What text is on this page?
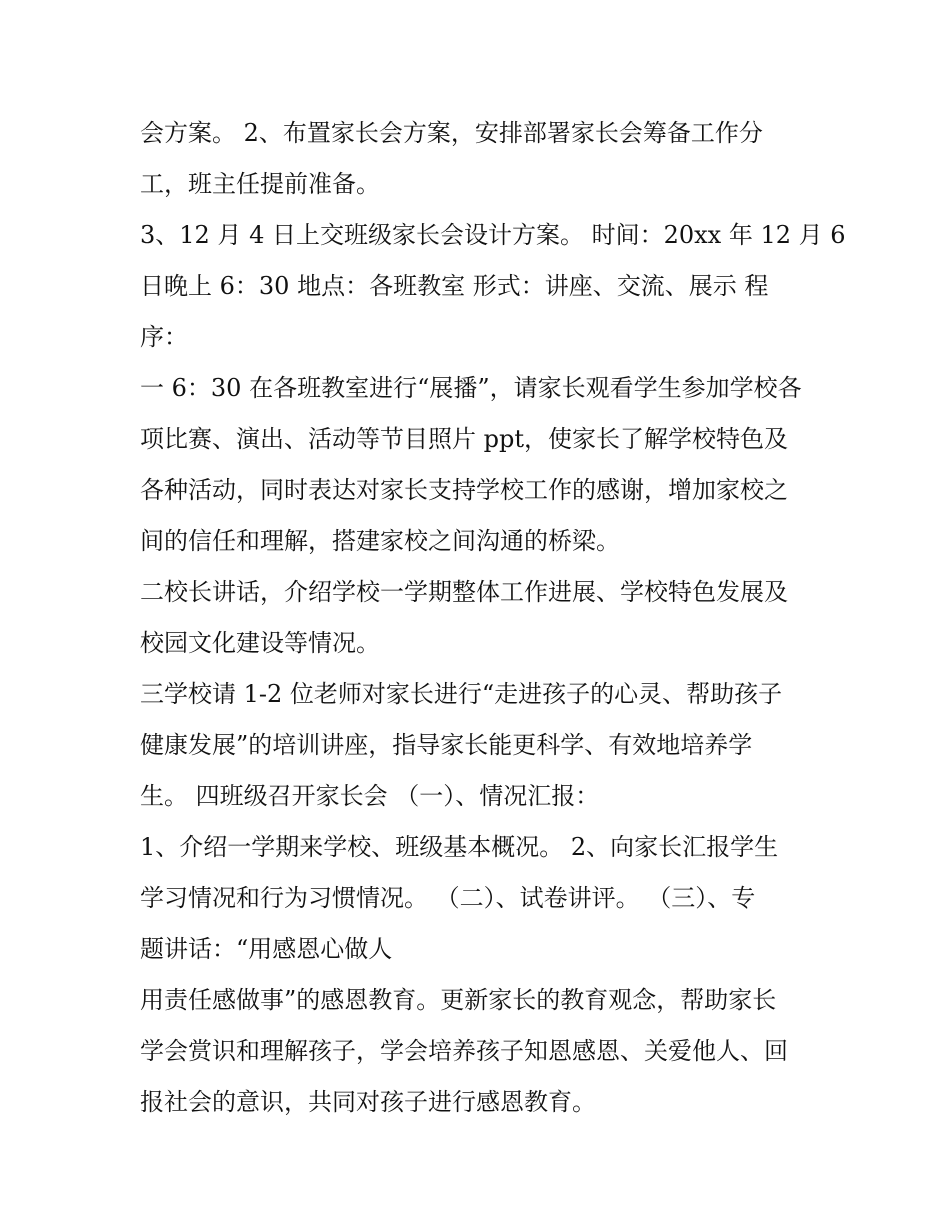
会方案。 2、布置家长会方案，安排部署家长会筹备工作分
工，班主任提前准备。
3、12 月 4 日上交班级家长会设计方案。 时间：20xx 年 12 月 6
日晚上 6：30 地点：各班教室 形式：讲座、交流、展示 程
序：
一 6：30 在各班教室进行“展播”，请家长观看学生参加学校各
项比赛、演出、活动等节目照片 ppt，使家长了解学校特色及
各种活动，同时表达对家长支持学校工作的感谢，增加家校之
间的信任和理解，搭建家校之间沟通的桥梁。
二校长讲话，介绍学校一学期整体工作进展、学校特色发展及
校园文化建设等情况。
三学校请 1-2 位老师对家长进行“走进孩子的心灵、帮助孩子
健康发展”的培训讲座，指导家长能更科学、有效地培养学
生。 四班级召开家长会 （一）、情况汇报：
1、介绍一学期来学校、班级基本概况。 2、向家长汇报学生
学习情况和行为习惯情况。 （二）、试卷讲评。 （三）、专
题讲话：“用感恩心做人
用责任感做事”的感恩教育。更新家长的教育观念，帮助家长
学会赏识和理解孩子，学会培养孩子知恩感恩、关爱他人、回
报社会的意识，共同对孩子进行感恩教育。
